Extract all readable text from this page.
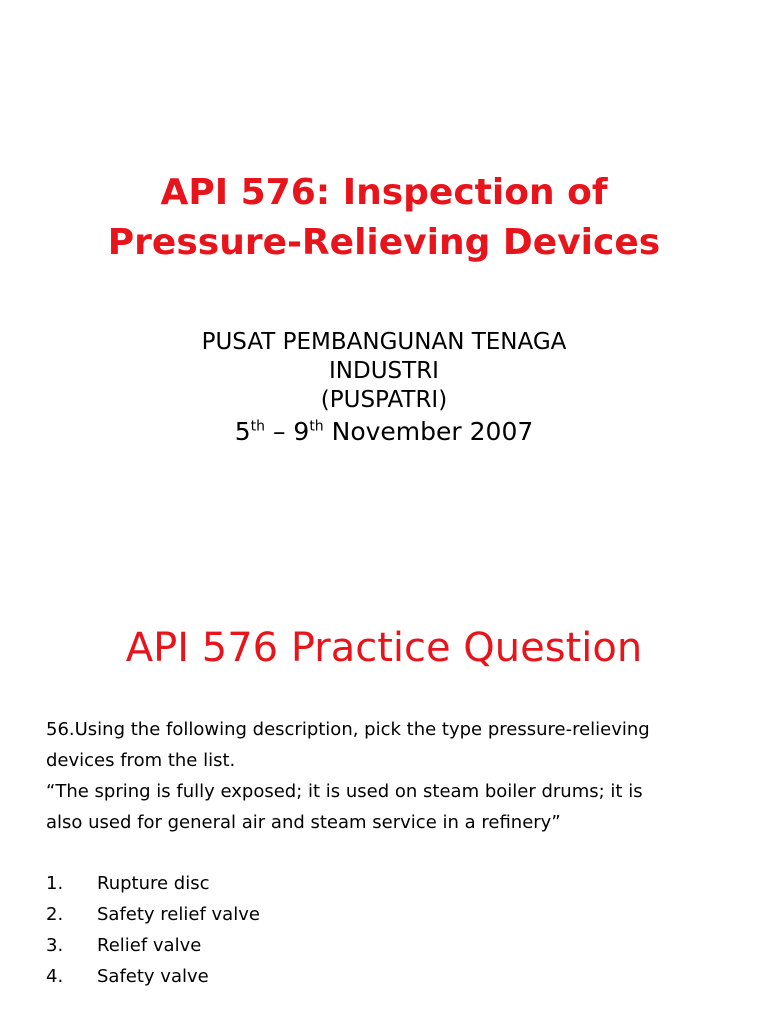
API 576: Inspection of
Pressure-Relieving Devices
PUSAT PEMBANGUNAN TENAGA
INDUSTRI
(PUSPATRI)
5th – 9th November 2007
API 576 Practice Question

56.Using the following description, pick the type pressure-relieving

devices from the list.

“The spring is fully exposed; it is used on steam boiler drums; it is

also used for general air and steam service in a refinery”

1.	Rupture disc
2.	Safety relief valve
3.	Relief valve
4.	Safety valve
